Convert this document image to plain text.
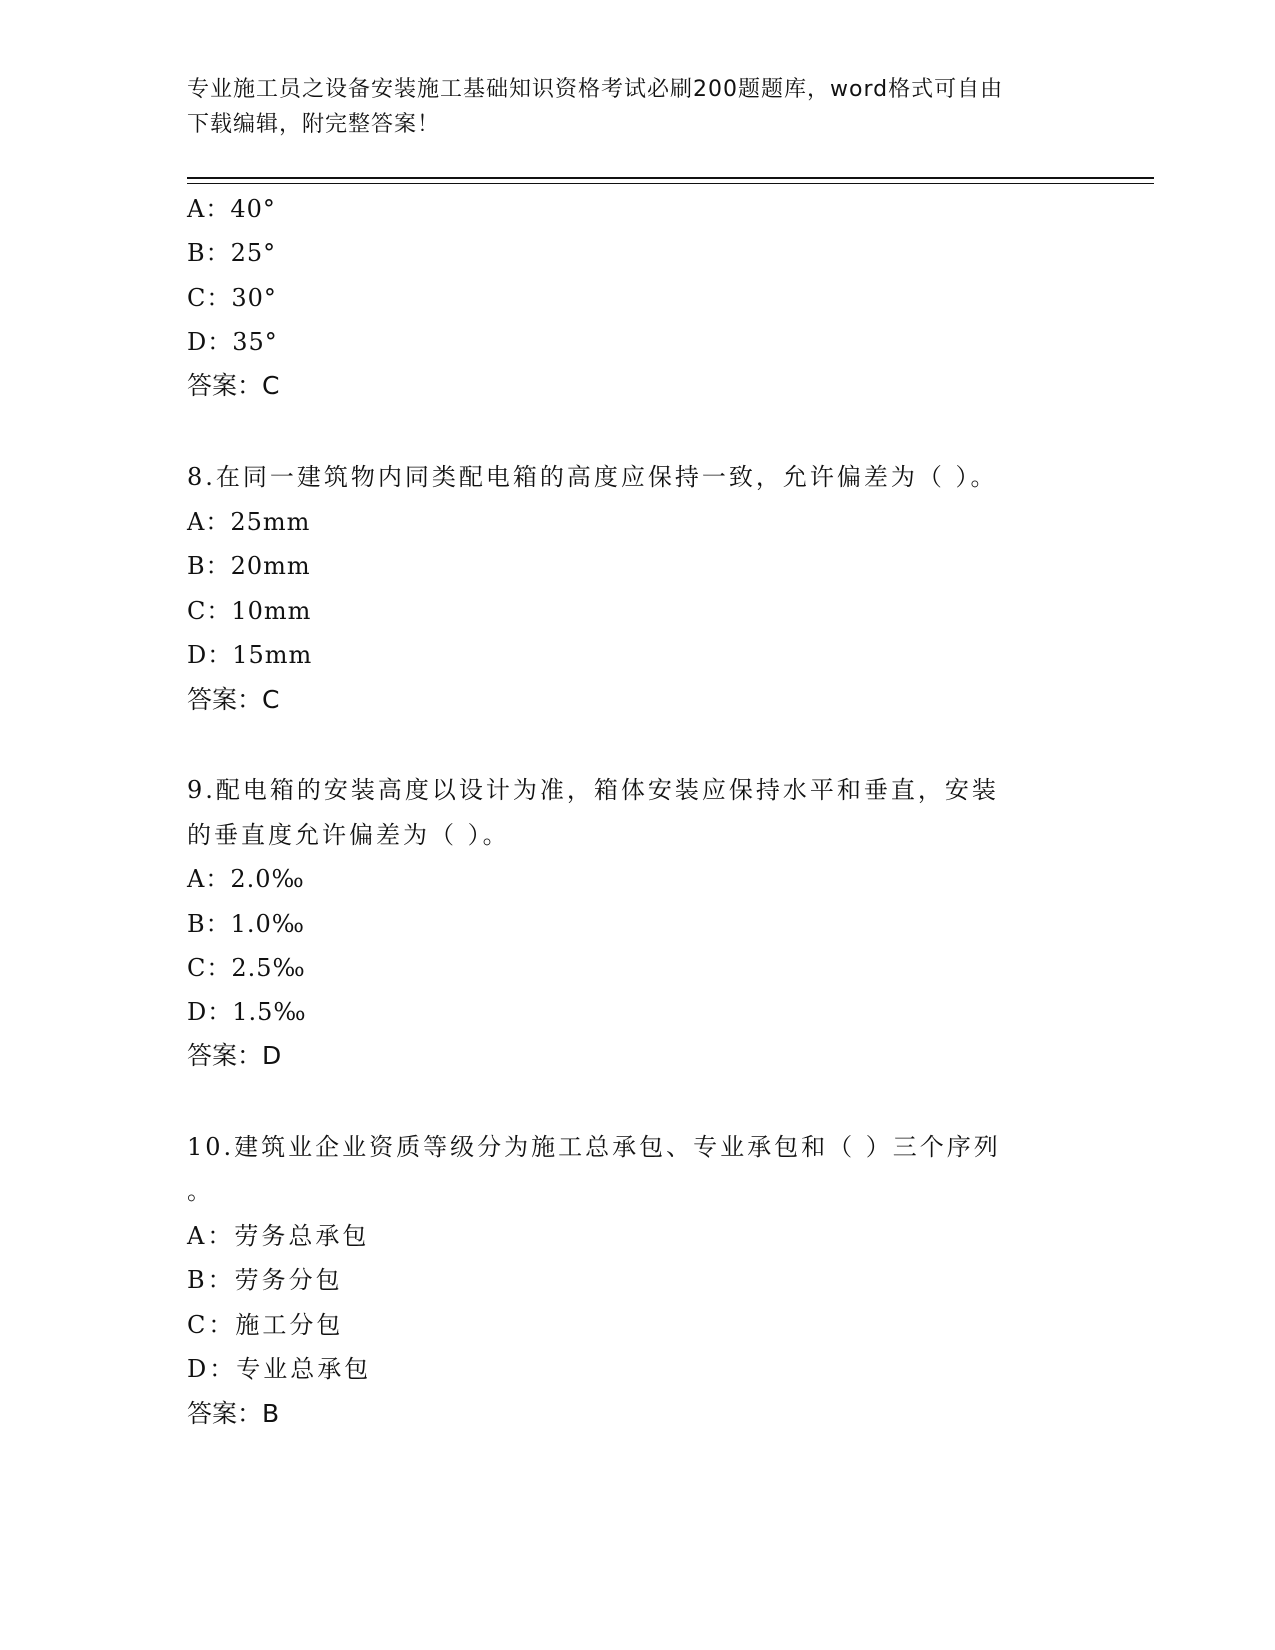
专业施工员之设备安装施工基础知识资格考试必刷200题题库，word格式可自由
下载编辑，附完整答案！
A：40°
B：25°
C：30°
D：35°
答案：C
8.在同一建筑物内同类配电箱的高度应保持一致，允许偏差为（ ）。
A：25mm
B：20mm
C：10mm
D：15mm
答案：C
9.配电箱的安装高度以设计为准，箱体安装应保持水平和垂直，安装
的垂直度允许偏差为（ ）。
A：2.0‰
B：1.0‰
C：2.5‰
D：1.5‰
答案：D
10.建筑业企业资质等级分为施工总承包、专业承包和（ ）三个序列
。
A：劳务总承包
B：劳务分包
C：施工分包
D：专业总承包
答案：B
